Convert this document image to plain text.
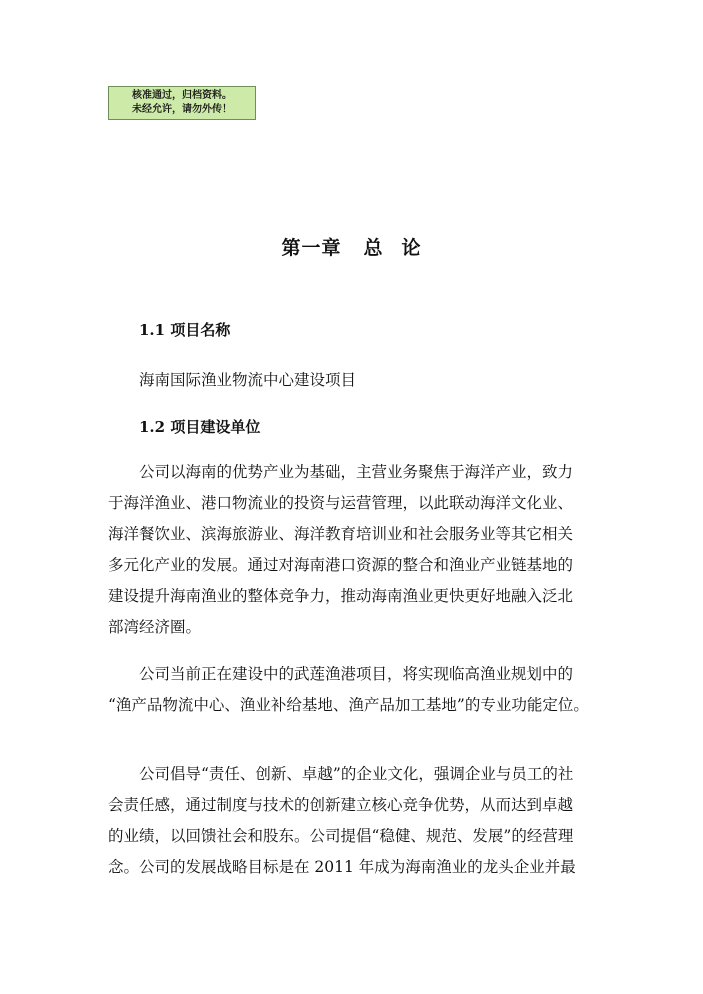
核准通过，归档资料。
未经允许，请勿外传！
第一章 总 论
1.1 项目名称
海南国际渔业物流中心建设项目
1.2 项目建设单位
公司以海南的优势产业为基础，主营业务聚焦于海洋产业，致力
于海洋渔业、港口物流业的投资与运营管理，以此联动海洋文化业、
海洋餐饮业、滨海旅游业、海洋教育培训业和社会服务业等其它相关
多元化产业的发展。通过对海南港口资源的整合和渔业产业链基地的
建设提升海南渔业的整体竞争力，推动海南渔业更快更好地融入泛北
部湾经济圈。
公司当前正在建设中的武莲渔港项目，将实现临高渔业规划中的
“渔产品物流中心、渔业补给基地、渔产品加工基地”的专业功能定位。
公司倡导“责任、创新、卓越”的企业文化，强调企业与员工的社
会责任感，通过制度与技术的创新建立核心竞争优势，从而达到卓越
的业绩，以回馈社会和股东。公司提倡“稳健、规范、发展”的经营理
念。公司的发展战略目标是在 2011 年成为海南渔业的龙头企业并最
